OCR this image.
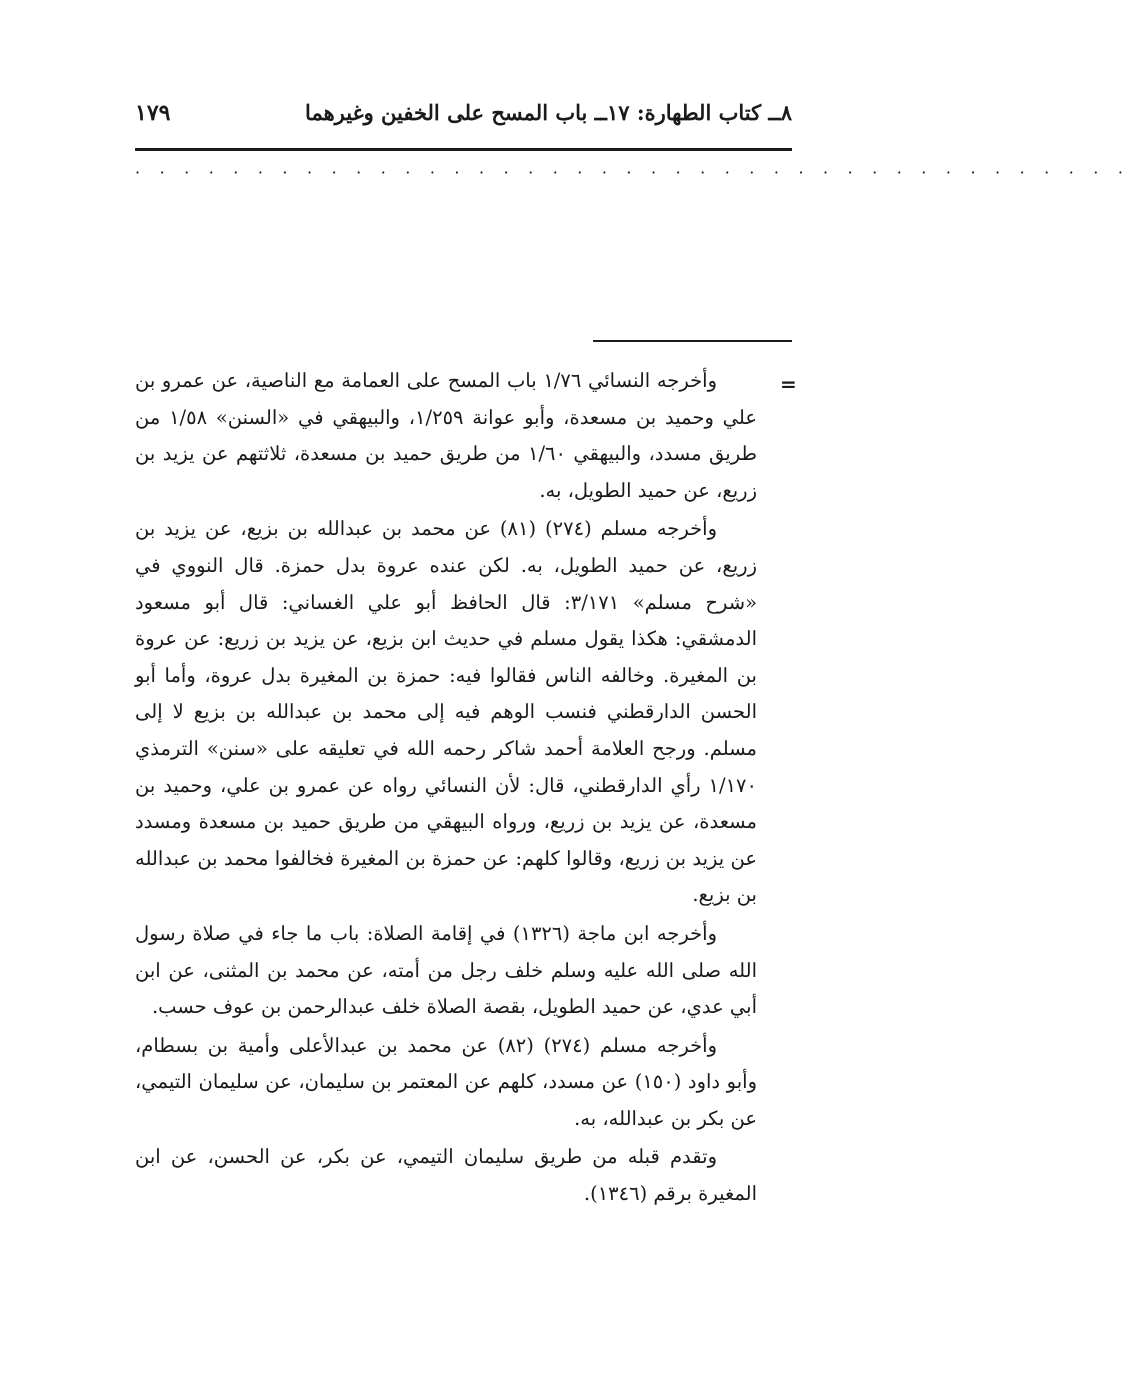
٨ــ كتاب الطهارة: ١٧ــ باب المسح على الخفين وغيرهما
١٧٩
· · · · · · · · · · · · · · · · · · · · · · · · · · · · · · · · · · · · · · · · ·
=

وأخرجه النسائي ١/٧٦ باب المسح على العمامة مع الناصية، عن عمرو بن علي وحميد بن مسعدة، وأبو عوانة ١/٢٥٩، والبيهقي في «السنن» ١/٥٨ من طريق مسدد، والبيهقي ١/٦٠ من طريق حميد بن مسعدة، ثلاثتهم عن يزيد بن زريع، عن حميد الطويل، به.

وأخرجه مسلم (٢٧٤) (٨١) عن محمد بن عبدالله بن بزيع، عن يزيد بن زريع، عن حميد الطويل، به. لكن عنده عروة بدل حمزة. قال النووي في «شرح مسلم» ٣/١٧١: قال الحافظ أبو علي الغساني: قال أبو مسعود الدمشقي: هكذا يقول مسلم في حديث ابن بزيع، عن يزيد بن زريع: عن عروة بن المغيرة. وخالفه الناس فقالوا فيه: حمزة بن المغيرة بدل عروة، وأما أبو الحسن الدارقطني فنسب الوهم فيه إلى محمد بن عبدالله بن بزيع لا إلى مسلم. ورجح العلامة أحمد شاكر رحمه الله في تعليقه على «سنن» الترمذي ١/١٧٠ رأي الدارقطني، قال: لأن النسائي رواه عن عمرو بن علي، وحميد بن مسعدة، عن يزيد بن زريع، ورواه البيهقي من طريق حميد بن مسعدة ومسدد عن يزيد بن زريع، وقالوا كلهم: عن حمزة بن المغيرة فخالفوا محمد بن عبدالله بن بزيع.

وأخرجه ابن ماجة (١٣٢٦) في إقامة الصلاة: باب ما جاء في صلاة رسول الله صلى الله عليه وسلم خلف رجل من أمته، عن محمد بن المثنى، عن ابن أبي عدي، عن حميد الطويل، بقصة الصلاة خلف عبدالرحمن بن عوف حسب.

وأخرجه مسلم (٢٧٤) (٨٢) عن محمد بن عبدالأعلى وأمية بن بسطام، وأبو داود (١٥٠) عن مسدد، كلهم عن المعتمر بن سليمان، عن سليمان التيمي، عن بكر بن عبدالله، به.

وتقدم قبله من طريق سليمان التيمي، عن بكر، عن الحسن، عن ابن المغيرة برقم (١٣٤٦).
